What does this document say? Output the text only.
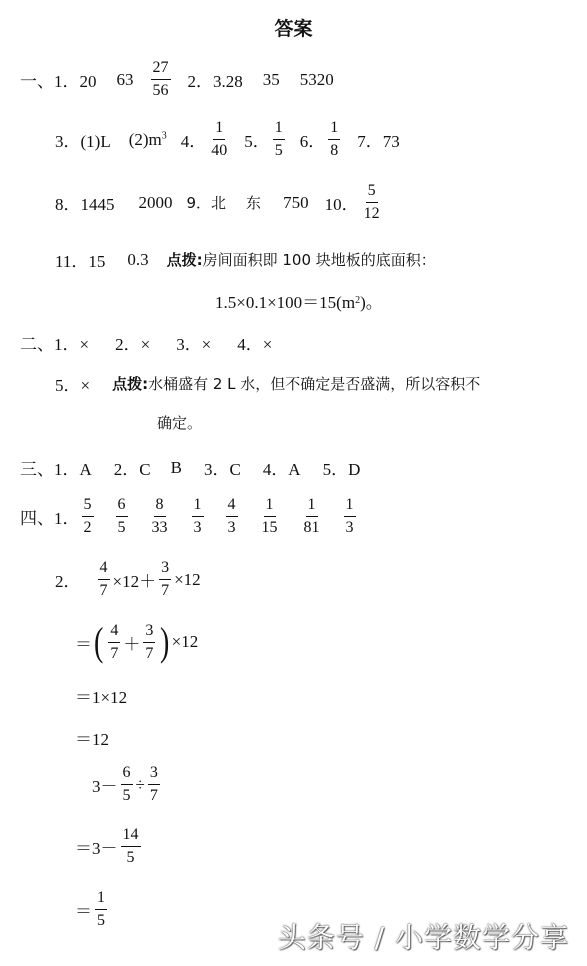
答案
一、 1．20 $63 \frac{27}{56} 2$．3.28 35 5320
3．(1)L $(2)m^3$ 4． $\frac{1}{40} 5$． $\frac{1}{5} 6$． $\frac{1}{8} 7$．73
8．1445 2000 9．北 东 750 10． $\frac{5}{12}$
11．15 0.3 点拨: 房间面积即 100 块地板的底面积：
1.5×0.1×100＝15(m 2 )。
二、 1．× 2．× 3．× 4．×
5．× 点拨: 水桶盛有 2 L 水，但不确定是否盛满，所以容积不
确定。
三、 1．A 2．C B 3．C 4．A 5．D
四、 1． $\frac{5}{2} \frac{6}{5} \frac{8}{33} \frac{1}{3} \frac{4}{3} \frac{1}{15} \frac{1}{81} \frac{1}{3}$
2． $\frac{4}{7} \times 12+ \frac{3}{7} \times 12$
＝ ( $\frac{4}{7} + \frac{3}{7}$ ) ×12
＝1×12
＝12
$3- \frac{6}{5} \div \frac{3}{7}$
$=3- \frac{14}{5}$
＝ $\frac{1}{5}$
头条号 / 小学数学分享
